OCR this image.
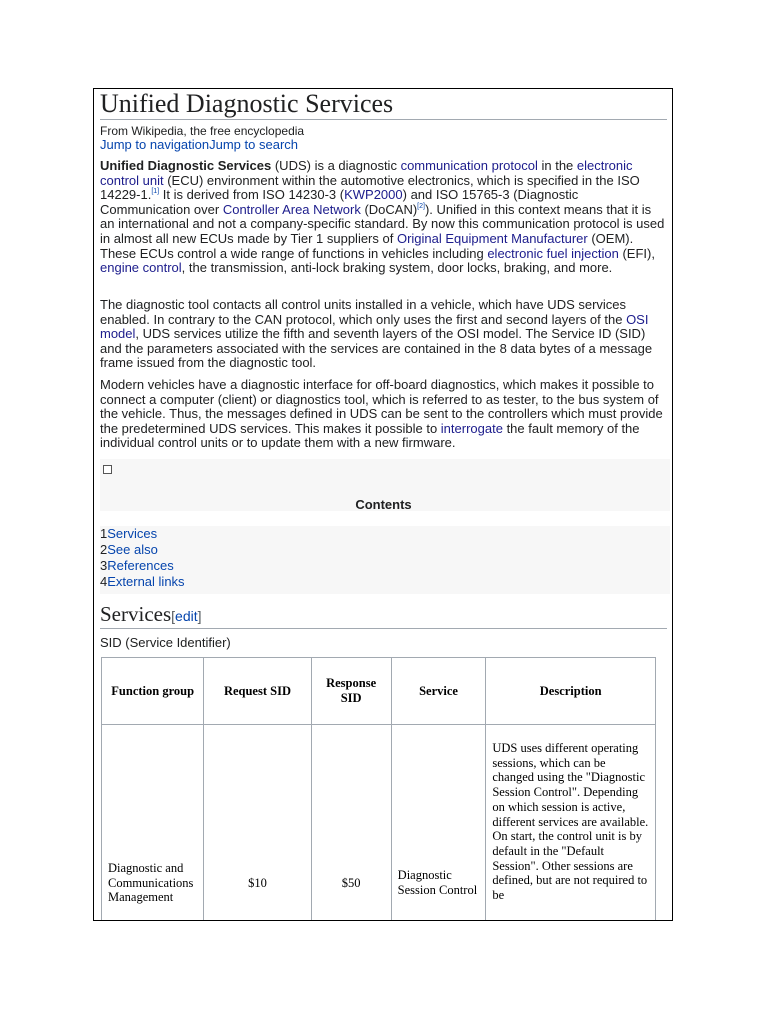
Unified Diagnostic Services
From Wikipedia, the free encyclopedia
Jump to navigationJump to search

Unified Diagnostic Services (UDS) is a diagnostic communication protocol in the electronic control unit (ECU) environment within the automotive electronics, which is specified in the ISO 14229-1.[1] It is derived from ISO 14230-3 (KWP2000) and ISO 15765-3 (Diagnostic Communication over Controller Area Network (DoCAN)[2]). Unified in this context means that it is an international and not a company-specific standard. By now this communication protocol is used in almost all new ECUs made by Tier 1 suppliers of Original Equipment Manufacturer (OEM). These ECUs control a wide range of functions in vehicles including electronic fuel injection (EFI), engine control, the transmission, anti-lock braking system, door locks, braking, and more.

The diagnostic tool contacts all control units installed in a vehicle, which have UDS services enabled. In contrary to the CAN protocol, which only uses the first and second layers of the OSI model, UDS services utilize the fifth and seventh layers of the OSI model. The Service ID (SID) and the parameters associated with the services are contained in the 8 data bytes of a message frame issued from the diagnostic tool.

Modern vehicles have a diagnostic interface for off-board diagnostics, which makes it possible to connect a computer (client) or diagnostics tool, which is referred to as tester, to the bus system of the vehicle. Thus, the messages defined in UDS can be sent to the controllers which must provide the predetermined UDS services. This makes it possible to interrogate the fault memory of the individual control units or to update them with a new firmware.

Contents
1Services
2See also
3References
4External links
Services[edit]
SID (Service Identifier)
Function group	Request SID	Response SID	Service	Description
Diagnostic and Communications Management	$10	$50	Diagnostic Session Control	UDS uses different operating sessions, which can be changed using the "Diagnostic Session Control". Depending on which session is active, different services are available. On start, the control unit is by default in the "Default Session". Other sessions are defined, but are not required to be
